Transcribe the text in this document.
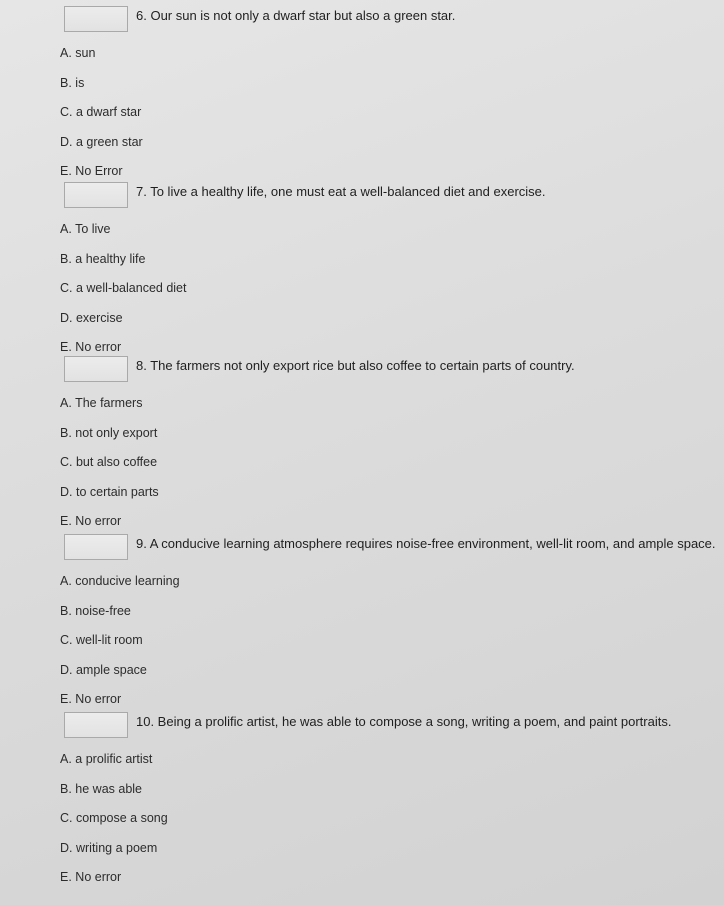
6. Our sun is not only a dwarf star but also a green star.
A. sun
B. is
C. a dwarf star
D. a green star
E. No Error
7. To live a healthy life, one must eat a well-balanced diet and exercise.
A. To live
B. a healthy life
C. a well-balanced diet
D. exercise
E. No error
8. The farmers not only export rice but also coffee to certain parts of country.
A. The farmers
B. not only export
C. but also coffee
D. to certain parts
E. No error
9. A conducive learning atmosphere requires noise-free environment, well-lit room, and ample space.
A. conducive learning
B. noise-free
C. well-lit room
D. ample space
E. No error
10. Being a prolific artist, he was able to compose a song, writing a poem, and paint portraits.
A. a prolific artist
B. he was able
C. compose a song
D. writing a poem
E. No error
